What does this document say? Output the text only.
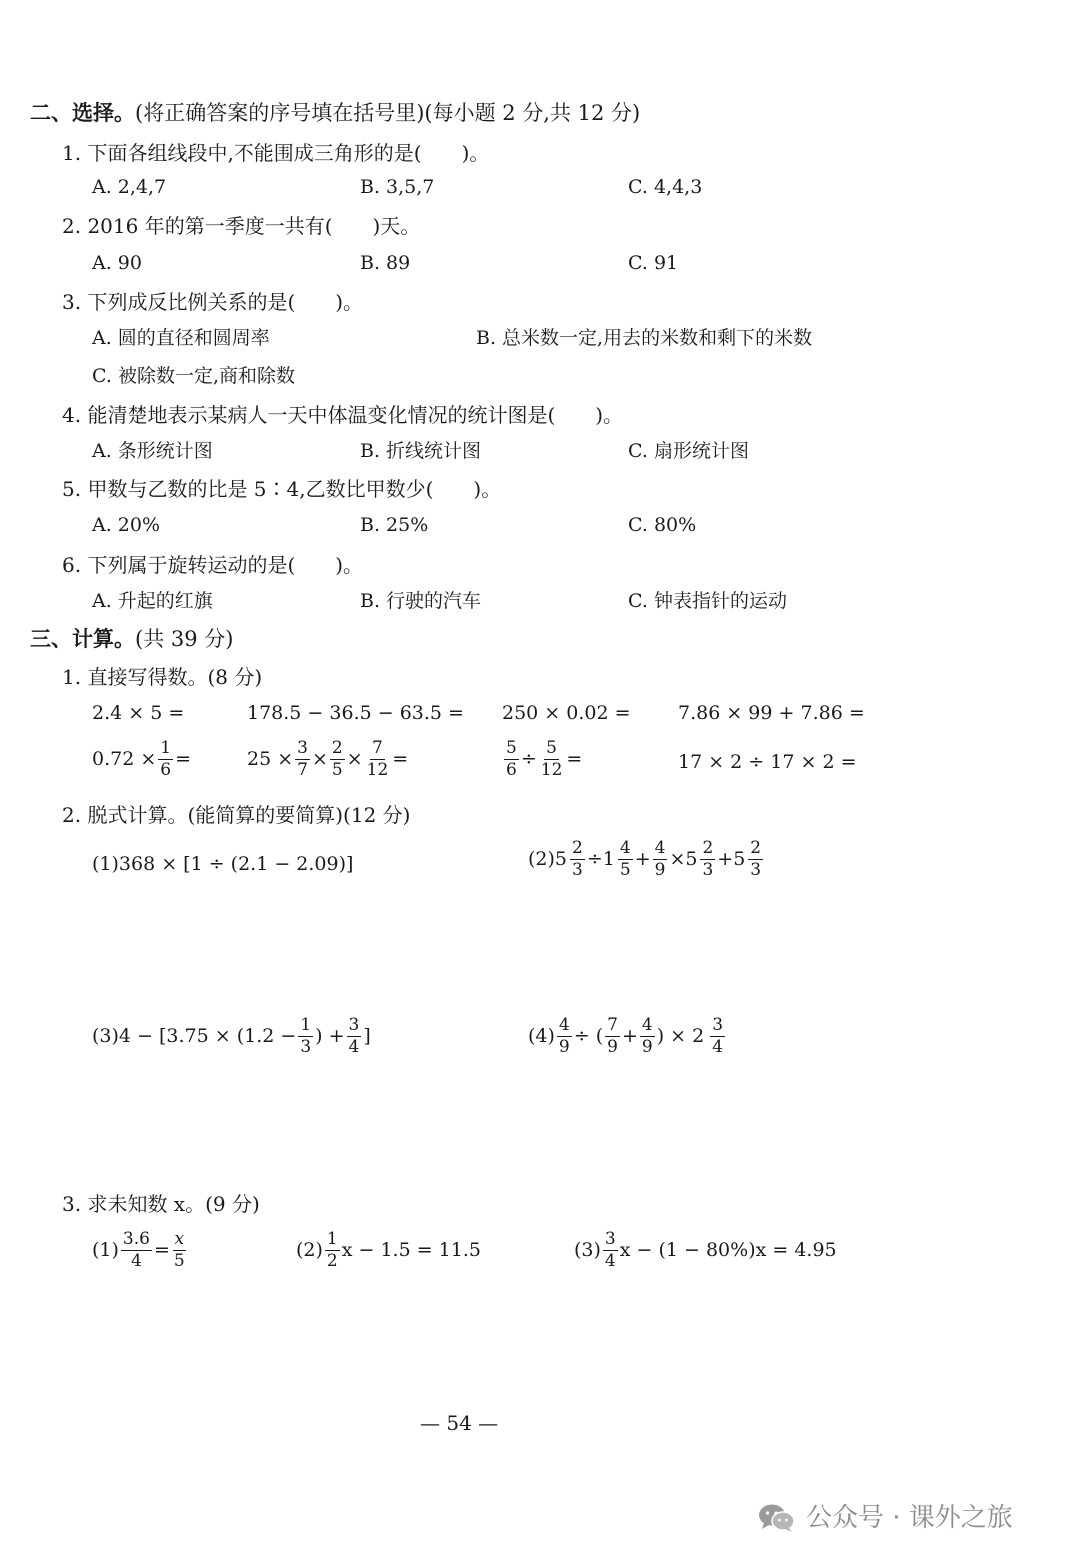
二、选择。(将正确答案的序号填在括号里)(每小题 2 分,共 12 分)
1. 下面各组线段中,不能围成三角形的是(　　)。
A. 2,4,7	B. 3,5,7	C. 4,4,3
2. 2016 年的第一季度一共有(　　)天。
A. 90	B. 89	C. 91
3. 下列成反比例关系的是(　　)。
A. 圆的直径和圆周率	B. 总米数一定,用去的米数和剩下的米数
C. 被除数一定,商和除数
4. 能清楚地表示某病人一天中体温变化情况的统计图是(　　)。
A. 条形统计图	B. 折线统计图	C. 扇形统计图
5. 甲数与乙数的比是 5∶4,乙数比甲数少(　　)。
A. 20%	B. 25%	C. 80%
6. 下列属于旋转运动的是(　　)。
A. 升起的红旗	B. 行驶的汽车	C. 钟表指针的运动
三、计算。(共 39 分)
1. 直接写得数。(8 分)
2.4 × 5 =	178.5 − 36.5 − 63.5 = 250 × 0.02 = 7.86 × 99 + 7.86 =
$0.72 \times \frac{1}{6}$ =	$25 \times \frac{3}{7} \times \frac{2}{5} \times \frac{7}{12}$ =	$\frac{5}{6} \div \frac{5}{12}$ =	17 × 2 ÷ 17 × 2 =
2. 脱式计算。(能简算的要简算)(12 分)
(1)368 × [1 ÷ (2.1 − 2.09)]	(2) $5 \frac{2}{3} \div 1 \frac{4}{5} + \frac{4}{9} \times 5 \frac{2}{3} + 5 \frac{2}{3}$
$(3)4 - [3.75 \times (1.2 - \frac{1}{3}$ ) + $\frac{3}{4}$ ]	$(4) \frac{4}{9}$ ÷ ( $\frac{7}{9} + \frac{4}{9}$ ) × $2 \frac{3}{4}$
3. 求未知数 x。(9 分)
$(1) \frac{3.6}{4} = \frac{x}{5}$	$(2) \frac{1}{2}$ x − 1.5 = 11.5	$(3) \frac{3}{4}$ x − (1 − 80%)x = 4.95
— 54 —
公众号 · 课外之旅
